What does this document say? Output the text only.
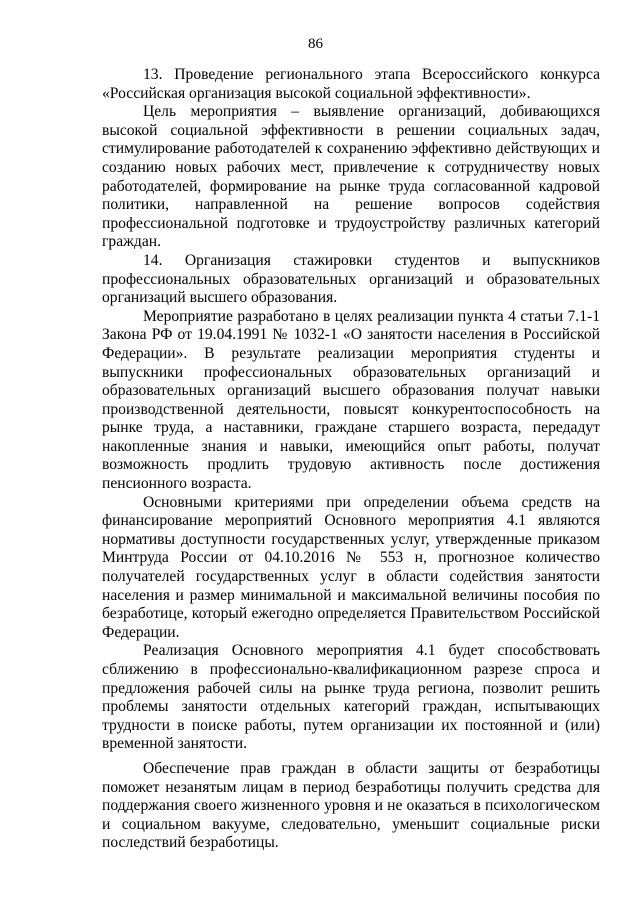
86

13. Проведение регионального этапа Всероссийского конкурса «Российская организация высокой социальной эффективности».

Цель мероприятия – выявление организаций, добивающихся высокой социальной эффективности в решении социальных задач, стимулирование работодателей к сохранению эффективно действующих и созданию новых рабочих мест, привлечение к сотрудничеству новых работодателей, формирование на рынке труда согласованной кадровой политики, направленной на решение вопросов содействия профессиональной подготовке и трудоустройству различных категорий граждан.

14. Организация стажировки студентов и выпускников профессиональных образовательных организаций и образовательных организаций высшего образования.

Мероприятие разработано в целях реализации пункта 4 статьи 7.1-1 Закона РФ от 19.04.1991 № 1032-1 «О занятости населения в Российской Федерации». В результате реализации мероприятия студенты и выпускники профессиональных образовательных организаций и образовательных организаций высшего образования получат навыки производственной деятельности, повысят конкурентоспособность на рынке труда, а наставники, граждане старшего возраста, передадут накопленные знания и навыки, имеющийся опыт работы, получат возможность продлить трудовую активность после достижения пенсионного возраста.

Основными критериями при определении объема средств на финансирование мероприятий Основного мероприятия 4.1 являются нормативы доступности государственных услуг, утвержденные приказом Минтруда России от 04.10.2016 № 553 н, прогнозное количество получателей государственных услуг в области содействия занятости населения и размер минимальной и максимальной величины пособия по безработице, который ежегодно определяется Правительством Российской Федерации.

Реализация Основного мероприятия 4.1 будет способствовать сближению в профессионально-квалификационном разрезе спроса и предложения рабочей силы на рынке труда региона, позволит решить проблемы занятости отдельных категорий граждан, испытывающих трудности в поиске работы, путем организации их постоянной и (или) временной занятости.

Обеспечение прав граждан в области защиты от безработицы поможет незанятым лицам в период безработицы получить средства для поддержания своего жизненного уровня и не оказаться в психологическом и социальном вакууме, следовательно, уменьшит социальные риски последствий безработицы.
